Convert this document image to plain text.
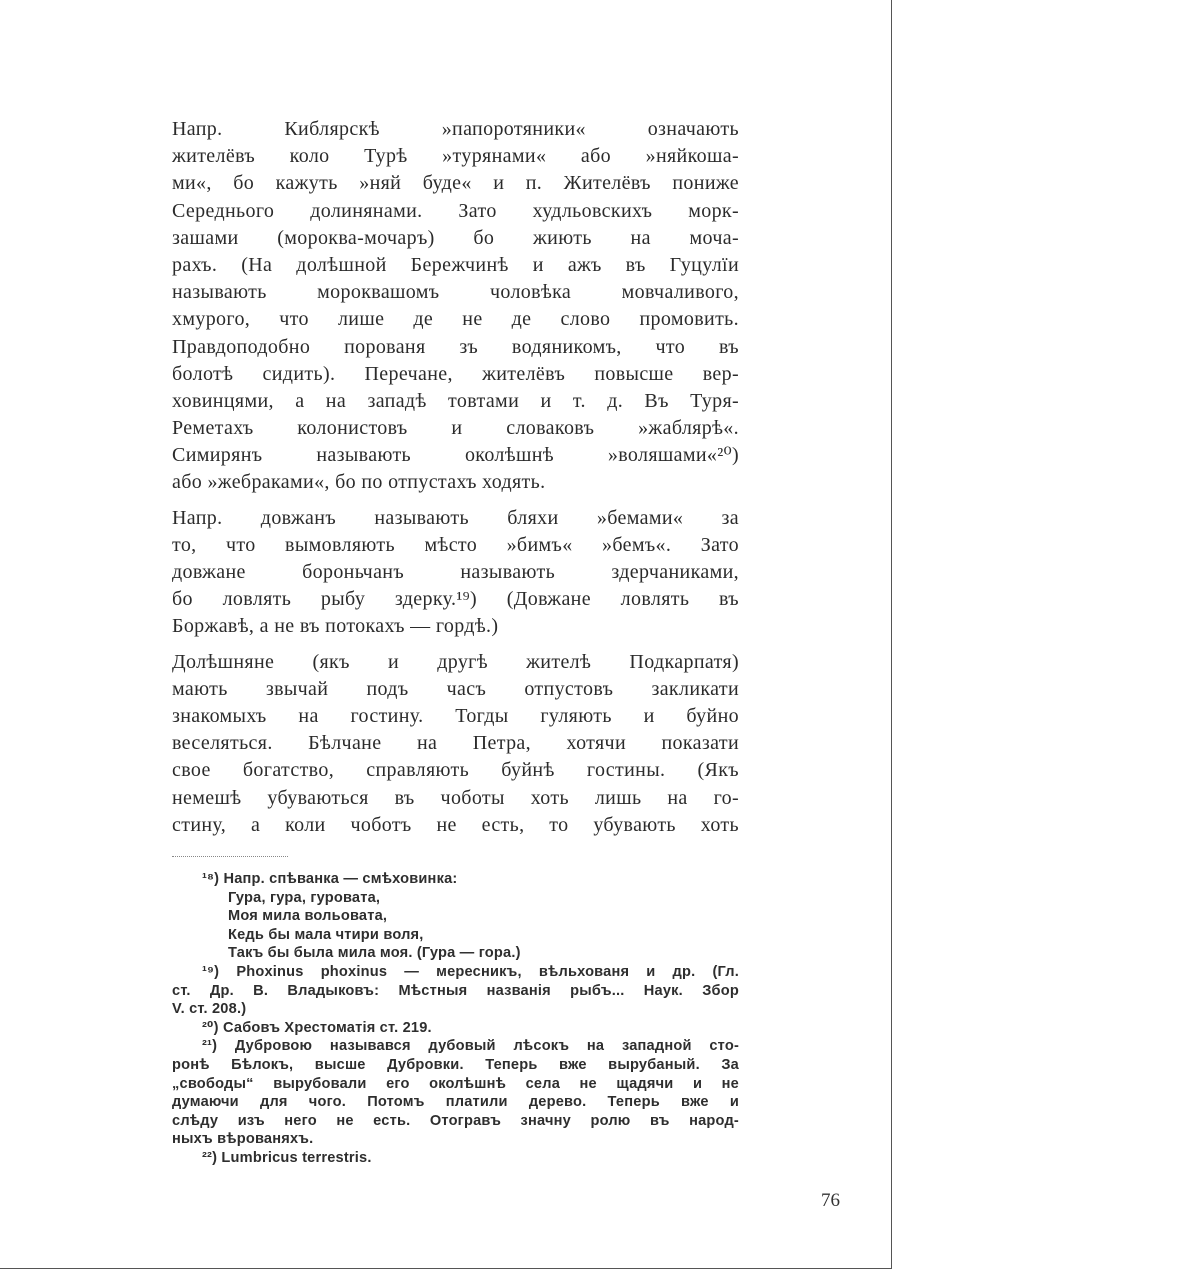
Напр. Киблярскѣ »папоротяники« означають
жителёвъ коло Турѣ »турянами« або »няйкоша-
ми«, бо кажуть »няй буде« и п. Жителёвъ пониже
Середнього долинянами. Зато худльовскихъ морк-
зашами (мороква-мочаръ) бо жиють на моча-
рахъ. (На долѣшной Бережчинѣ и ажъ въ Гуцулїи
называють мороквашомъ чоловѣка мовчаливого,
хмурого, что лише де не де слово промовить.
Правдоподобно порованя зъ водяникомъ, что въ
болотѣ сидить). Перечане, жителёвъ повысше вер-
ховинцями, а на западѣ товтами и т. д. Въ Туря-
Реметахъ колонистовъ и словаковъ »жаблярѣ«.
Симирянъ называють околѣшнѣ »воляшами«²⁰)
або »жебраками«, бо по отпустахъ ходять.

Напр. довжанъ называють бляхи »бемами« за
то, что вымовляють мѣсто »бимъ« »бемъ«. Зато
довжане бороньчанъ называють здерчаниками,
бо ловлять рыбу здерку.¹⁹) (Довжане ловлять въ
Боржавѣ, а не въ потокахъ — гордѣ.)

Долѣшняне (якъ и другѣ жителѣ Подкарпатя)
мають звычай подъ часъ отпустовъ закликати
знакомыхъ на гостину. Тогды гуляють и буйно
веселяться. Бѣлчане на Петра, хотячи показати
свое богатство, справляють буйнѣ гостины. (Якъ
немешѣ убуваються въ чоботы хоть лишь на го-
стину, а коли чоботъ не есть, то убувають хоть

¹⁸) Напр. спѣванка — смѣховинка:
Гура, гура, гуровата,
Моя мила вольовата,
Кедь бы мала чтири воля,
Такъ бы была мила моя. (Гура — гора.)
¹⁹) Phoxinus phoxinus — мересникъ, вѣльхованя и др. (Гл.
ст. Др. В. Владыковъ: Мѣстныя названія рыбъ... Наук. Збор
V. ст. 208.)
²⁰) Сабовъ Хрестоматія ст. 219.
²¹) Дубровою назывався дубовый лѣсокъ на западной сто-
ронѣ Бѣлокъ, высше Дубровки. Теперь вже вырубаный. За
„свободы“ вырубовали его околѣшнѣ села не щадячи и не
думаючи для чого. Потомъ платили дерево. Теперь вже и
слѣду изъ него не есть. Отогравъ значну ролю въ народ-
ныхъ вѣрованяхъ.
²²) Lumbricus terrestris.
76
